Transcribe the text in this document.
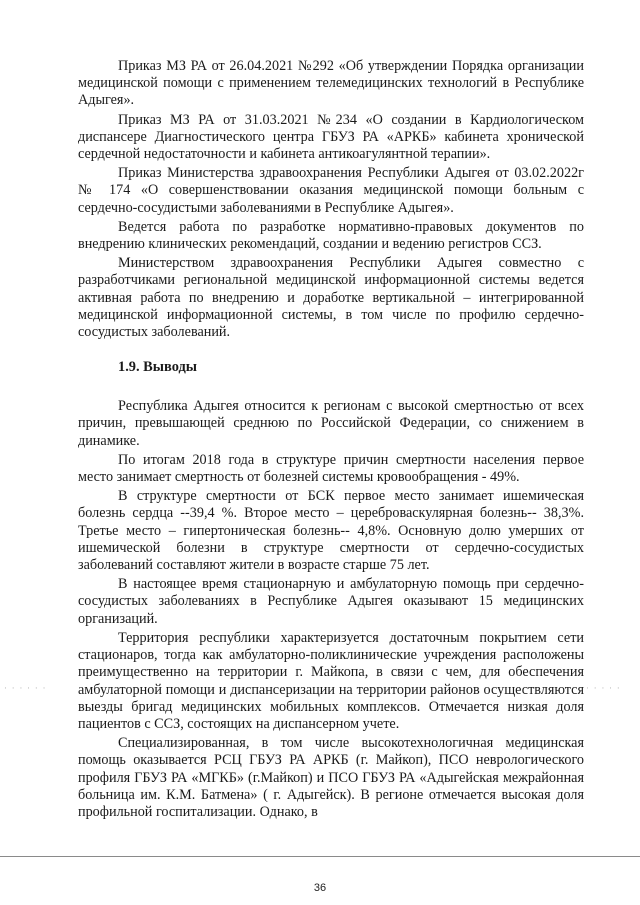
Приказ МЗ РА от 26.04.2021 №292 «Об утверждении Порядка организации медицинской помощи с применением телемедицинских технологий в Республике Адыгея».

Приказ МЗ РА от 31.03.2021 №234 «О создании в Кардиологическом диспансере Диагностического центра ГБУЗ РА «АРКБ» кабинета хронической сердечной недостаточности и кабинета антикоагулянтной терапии».

Приказ Министерства здравоохранения Республики Адыгея от 03.02.2022г № 174 «О совершенствовании оказания медицинской помощи больным с сердечно-сосудистыми заболеваниями в Республике Адыгея».

Ведется работа по разработке нормативно-правовых документов по внедрению клинических рекомендаций, создании и ведению регистров ССЗ.

Министерством здравоохранения Республики Адыгея совместно с разработчиками региональной медицинской информационной системы ведется активная работа по внедрению и доработке вертикальной – интегрированной медицинской информационной системы, в том числе по профилю сердечно-сосудистых заболеваний.

1.9. Выводы

Республика Адыгея относится к регионам с высокой смертностью от всех причин, превышающей среднюю по Российской Федерации, со снижением в динамике.

По итогам 2018 года в структуре причин смертности населения первое место занимает смертность от болезней системы кровообращения - 49%.

В структуре смертности от БСК первое место занимает ишемическая болезнь сердца --39,4 %. Второе место – цереброваскулярная болезнь-- 38,3%. Третье место – гипертоническая болезнь-- 4,8%. Основную долю умерших от ишемической болезни в структуре смертности от сердечно-сосудистых заболеваний составляют жители в возрасте старше 75 лет.

В настоящее время стационарную и амбулаторную помощь при сердечно-сосудистых заболеваниях в Республике Адыгея оказывают 15 медицинских организаций.

Территория республики характеризуется достаточным покрытием сети стационаров, тогда как амбулаторно-поликлинические учреждения расположены преимущественно на территории г. Майкопа, в связи с чем, для обеспечения амбулаторной помощи и диспансеризации на территории районов осуществляются выезды бригад медицинских мобильных комплексов. Отмечается низкая доля пациентов с ССЗ, состоящих на диспансерном учете.

Специализированная, в том числе высокотехнологичная медицинская помощь оказывается РСЦ ГБУЗ РА АРКБ (г. Майкоп), ПСО неврологического профиля ГБУЗ РА «МГКБ» (г.Майкоп) и ПСО ГБУЗ РА «Адыгейская межрайонная больница им. К.М. Батмена» ( г. Адыгейск). В регионе отмечается высокая доля профильной госпитализации. Однако, в

· · · · · ·	· · · · ·
36
